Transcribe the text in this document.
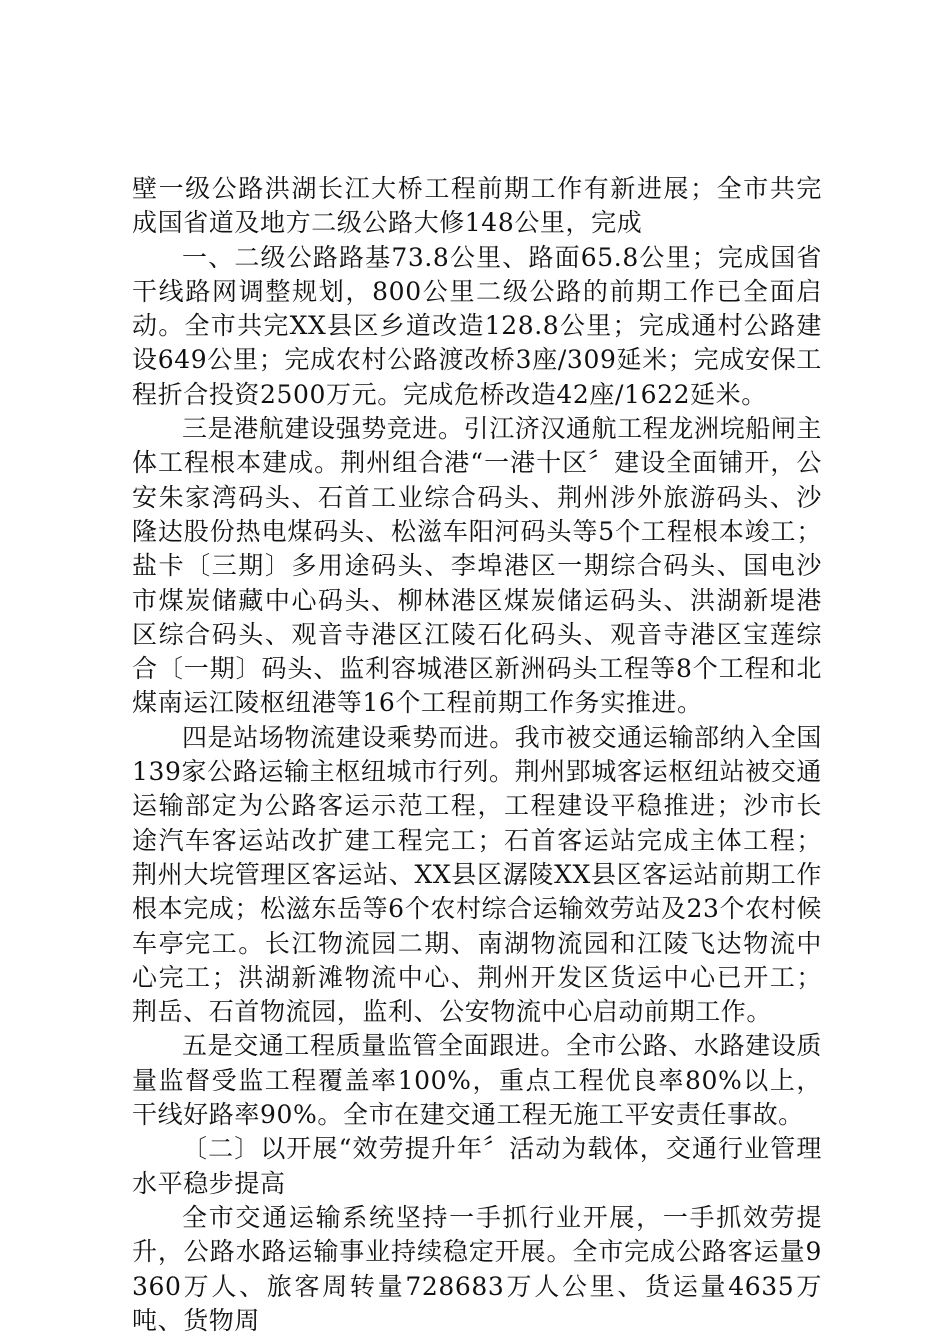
壁一级公路洪湖长江大桥工程前期工作有新进展；全市共完成国省道及地方二级公路大修148公里，完成

一、二级公路路基73.8公里、路面65.8公里；完成国省干线路网调整规划，800公里二级公路的前期工作已全面启动。全市共完XX县区乡道改造128.8公里；完成通村公路建设649公里；完成农村公路渡改桥3座/309延米；完成安保工程折合投资2500万元。完成危桥改造42座/1622延米。

三是港航建设强势竞进。引江济汉通航工程龙洲垸船闸主体工程根本建成。荆州组合港“一港十区〞建设全面铺开，公安朱家湾码头、石首工业综合码头、荆州涉外旅游码头、沙隆达股份热电煤码头、松滋车阳河码头等5个工程根本竣工；盐卡〔三期〕多用途码头、李埠港区一期综合码头、国电沙市煤炭储藏中心码头、柳林港区煤炭储运码头、洪湖新堤港区综合码头、观音寺港区江陵石化码头、观音寺港区宝莲综合〔一期〕码头、监利容城港区新洲码头工程等8个工程和北煤南运江陵枢纽港等16个工程前期工作务实推进。

四是站场物流建设乘势而进。我市被交通运输部纳入全国139家公路运输主枢纽城市行列。荆州郢城客运枢纽站被交通运输部定为公路客运示范工程，工程建设平稳推进；沙市长途汽车客运站改扩建工程完工；石首客运站完成主体工程；荆州大垸管理区客运站、XX县区潺陵XX县区客运站前期工作根本完成；松滋东岳等6个农村综合运输效劳站及23个农村候车亭完工。长江物流园二期、南湖物流园和江陵飞达物流中心完工；洪湖新滩物流中心、荆州开发区货运中心已开工；荆岳、石首物流园，监利、公安物流中心启动前期工作。

五是交通工程质量监管全面跟进。全市公路、水路建设质量监督受监工程覆盖率100%，重点工程优良率80%以上，干线好路率90%。全市在建交通工程无施工平安责任事故。

〔二〕以开展“效劳提升年〞活动为载体，交通行业管理水平稳步提高

全市交通运输系统坚持一手抓行业开展，一手抓效劳提升，公路水路运输事业持续稳定开展。全市完成公路客运量9360万人、旅客周转量728683万人公里、货运量4635万吨、货物周
